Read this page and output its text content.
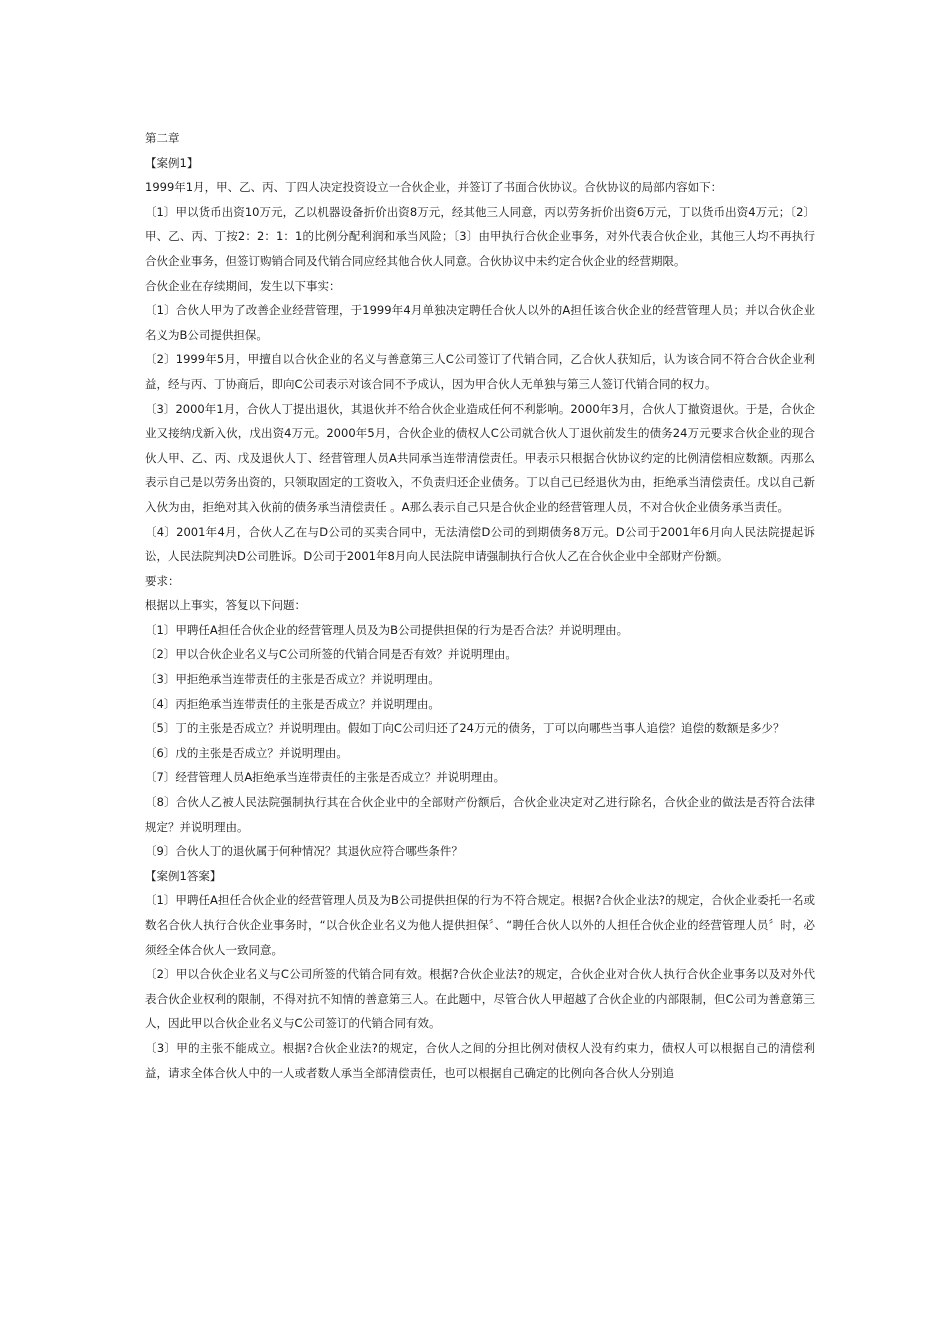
第二章

【案例1】

1999年1月，甲、乙、丙、丁四人决定投资设立一合伙企业，并签订了书面合伙协议。合伙协议的局部内容如下：

〔1〕甲以货币出资10万元，乙以机器设备折价出资8万元，经其他三人同意，丙以劳务折价出资6万元，丁以货币出资4万元；〔2〕甲、乙、丙、丁按2：2：1：1的比例分配利润和承当风险；〔3〕由甲执行合伙企业事务，对外代表合伙企业，其他三人均不再执行合伙企业事务，但签订购销合同及代销合同应经其他合伙人同意。合伙协议中未约定合伙企业的经营期限。

合伙企业在存续期间，发生以下事实：

〔1〕合伙人甲为了改善企业经营管理，于1999年4月单独决定聘任合伙人以外的A担任该合伙企业的经营管理人员；并以合伙企业名义为B公司提供担保。

〔2〕1999年5月，甲擅自以合伙企业的名义与善意第三人C公司签订了代销合同，乙合伙人获知后，认为该合同不符合合伙企业利益，经与丙、丁协商后，即向C公司表示对该合同不予成认，因为甲合伙人无单独与第三人签订代销合同的权力。

〔3〕2000年1月，合伙人丁提出退伙，其退伙并不给合伙企业造成任何不利影响。2000年3月，合伙人丁撤资退伙。于是，合伙企业又接纳戊新入伙，戊出资4万元。2000年5月，合伙企业的债权人C公司就合伙人丁退伙前发生的债务24万元要求合伙企业的现合伙人甲、乙、丙、戊及退伙人丁、经营管理人员A共同承当连带清偿责任。甲表示只根据合伙协议约定的比例清偿相应数额。丙那么表示自己是以劳务出资的，只领取固定的工资收入，不负责归还企业债务。丁以自己已经退伙为由，拒绝承当清偿责任。戊以自己新入伙为由，拒绝对其入伙前的债务承当清偿责任 。A那么表示自己只是合伙企业的经营管理人员，不对合伙企业债务承当责任。

〔4〕2001年4月，合伙人乙在与D公司的买卖合同中，无法清偿D公司的到期债务8万元。D公司于2001年6月向人民法院提起诉讼，人民法院判决D公司胜诉。D公司于2001年8月向人民法院申请强制执行合伙人乙在合伙企业中全部财产份额。

要求：

根据以上事实，答复以下问题：

〔1〕甲聘任A担任合伙企业的经营管理人员及为B公司提供担保的行为是否合法？并说明理由。

〔2〕甲以合伙企业名义与C公司所签的代销合同是否有效？并说明理由。

〔3〕甲拒绝承当连带责任的主张是否成立？并说明理由。

〔4〕丙拒绝承当连带责任的主张是否成立？并说明理由。

〔5〕丁的主张是否成立？并说明理由。假如丁向C公司归还了24万元的债务，丁可以向哪些当事人追偿？追偿的数额是多少？

〔6〕戊的主张是否成立？并说明理由。

〔7〕经营管理人员A拒绝承当连带责任的主张是否成立？并说明理由。

〔8〕合伙人乙被人民法院强制执行其在合伙企业中的全部财产份额后，合伙企业决定对乙进行除名，合伙企业的做法是否符合法律规定？并说明理由。

〔9〕合伙人丁的退伙属于何种情况？其退伙应符合哪些条件？

【案例1答案】

〔1〕甲聘任A担任合伙企业的经营管理人员及为B公司提供担保的行为不符合规定。根据?合伙企业法?的规定，合伙企业委托一名或数名合伙人执行合伙企业事务时，“以合伙企业名义为他人提供担保〞、“聘任合伙人以外的人担任合伙企业的经营管理人员〞时，必须经全体合伙人一致同意。

〔2〕甲以合伙企业名义与C公司所签的代销合同有效。根据?合伙企业法?的规定，合伙企业对合伙人执行合伙企业事务以及对外代表合伙企业权利的限制，不得对抗不知情的善意第三人。在此题中，尽管合伙人甲超越了合伙企业的内部限制，但C公司为善意第三人，因此甲以合伙企业名义与C公司签订的代销合同有效。

〔3〕甲的主张不能成立。根据?合伙企业法?的规定，合伙人之间的分担比例对债权人没有约束力，债权人可以根据自己的清偿利益，请求全体合伙人中的一人或者数人承当全部清偿责任，也可以根据自己确定的比例向各合伙人分别追
